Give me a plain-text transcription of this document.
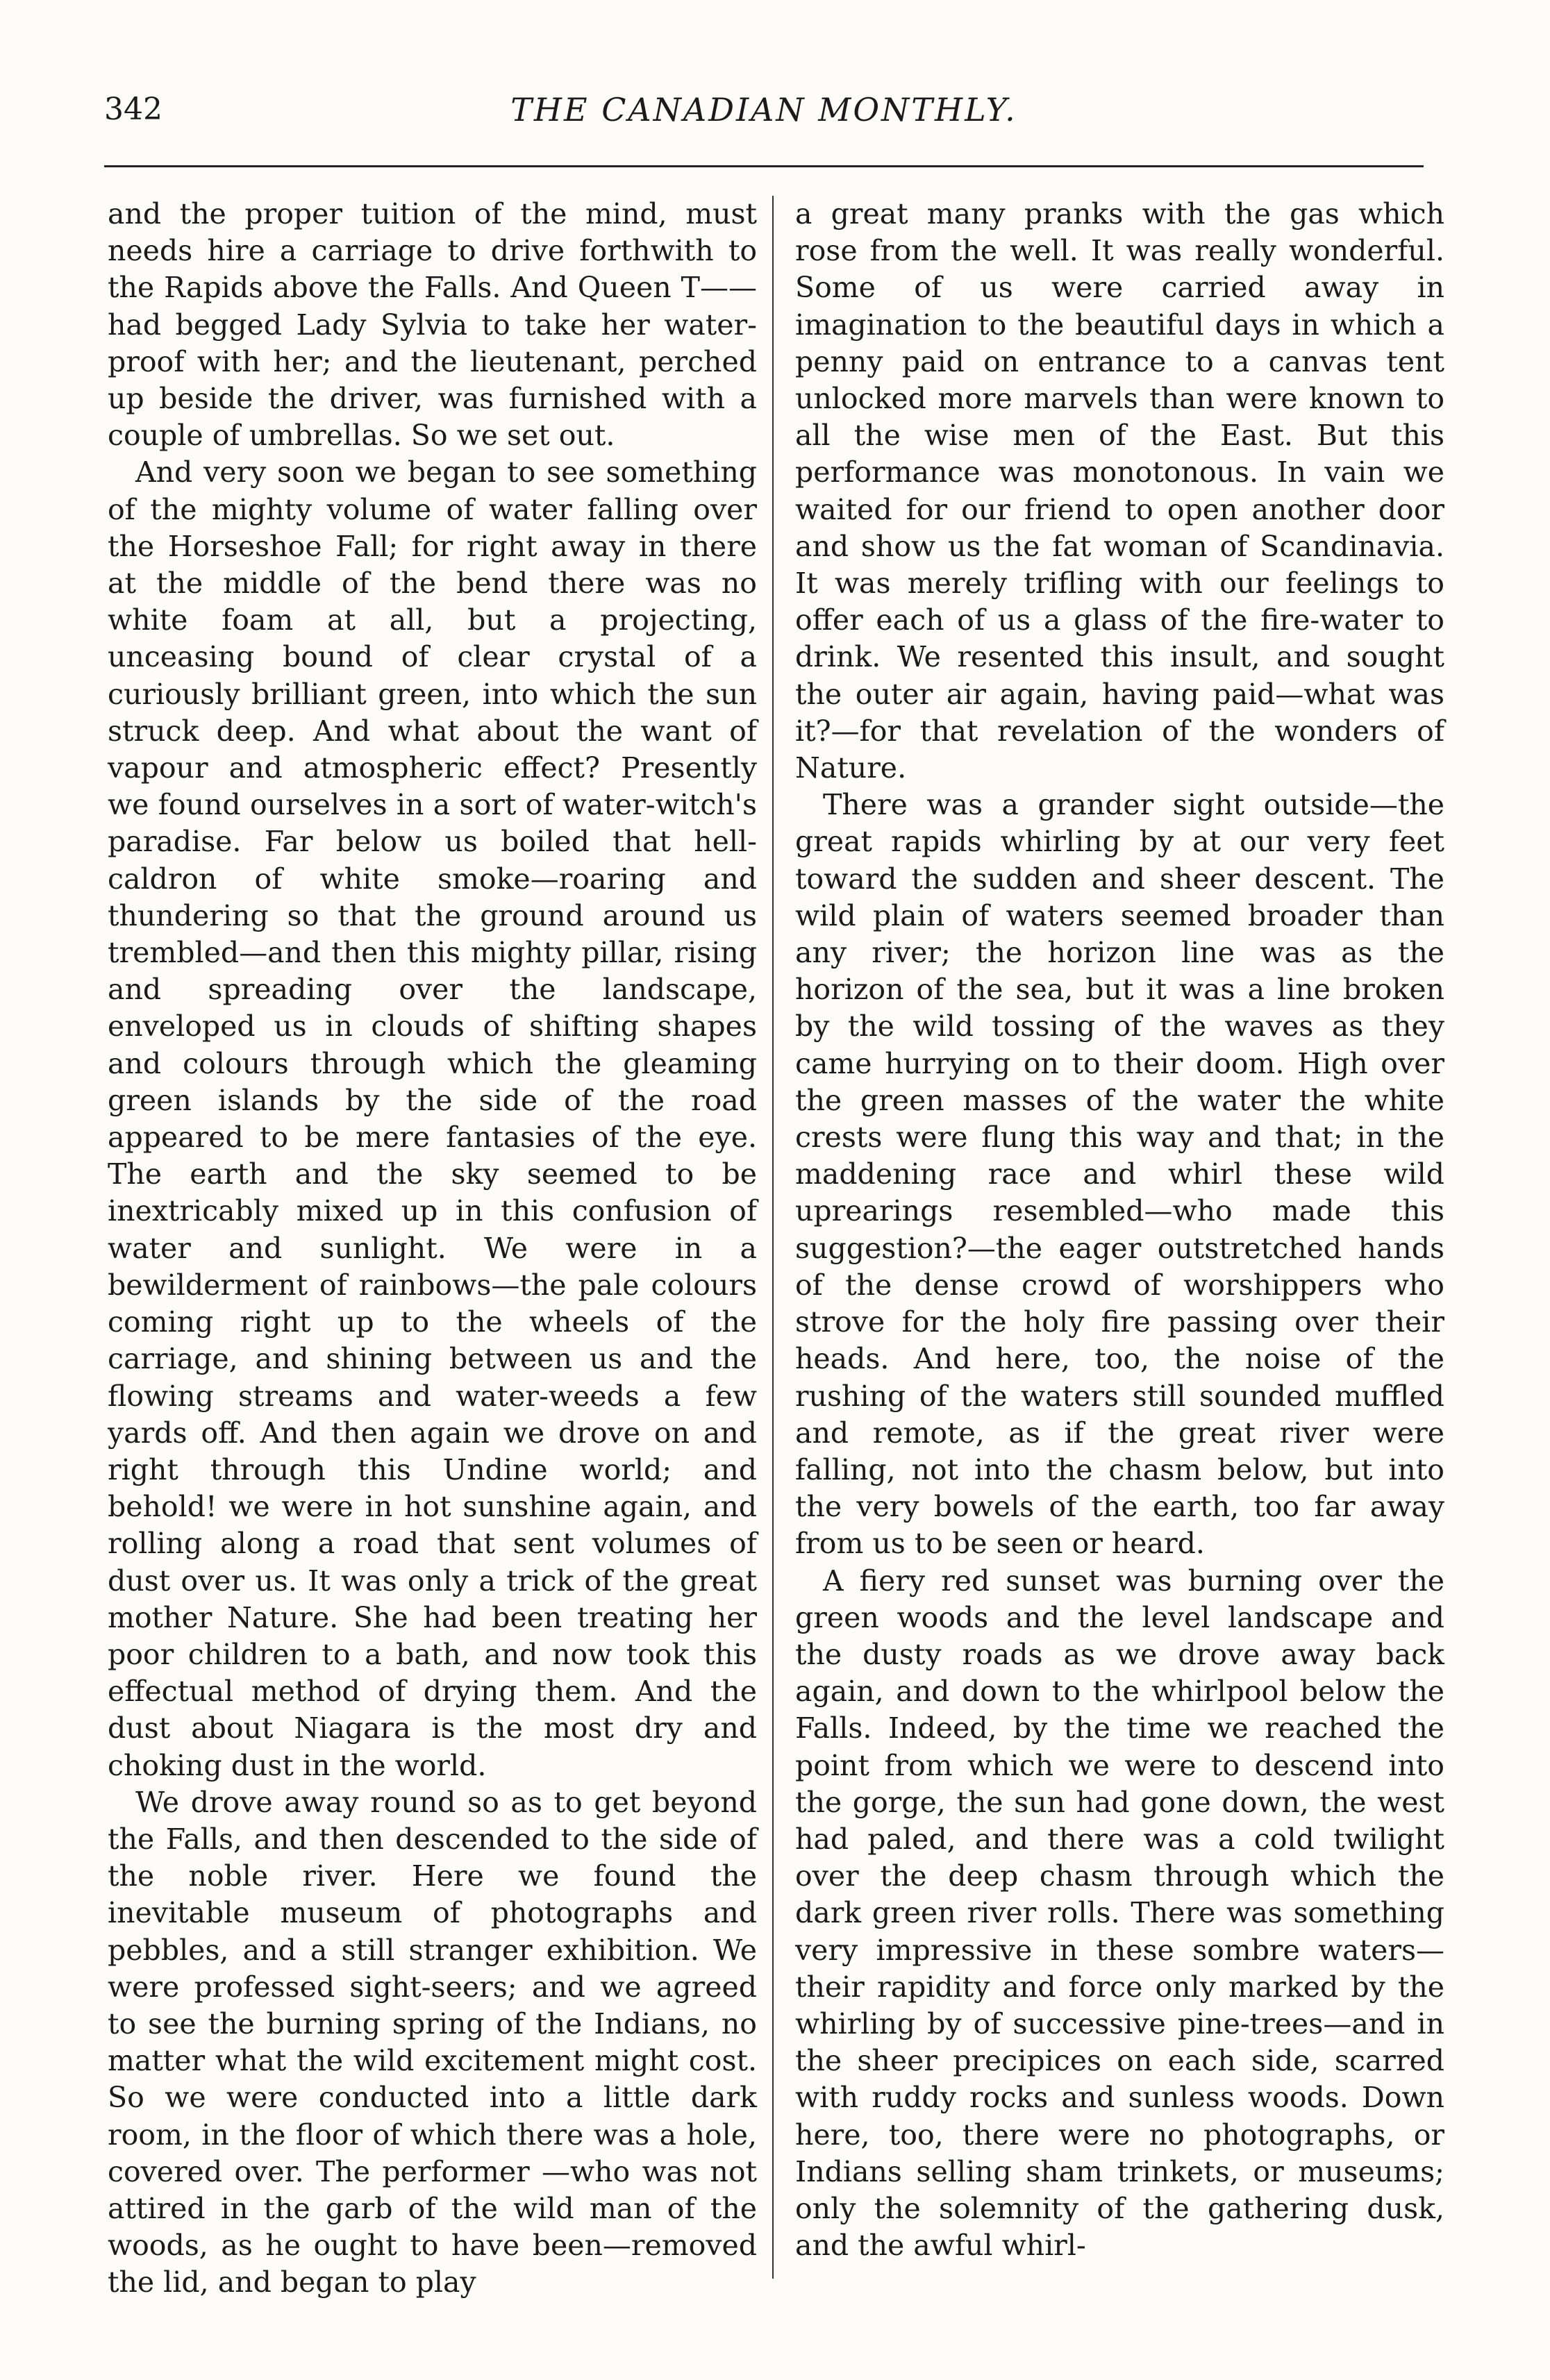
342	THE CANADIAN MONTHLY.

and the proper tuition of the mind, must needs hire a carriage to drive forthwith to the Rapids above the Falls. And Queen T——had begged Lady Sylvia to take her water-proof with her; and the lieutenant, perched up beside the driver, was furnished with a couple of umbrellas. So we set out.

And very soon we began to see something of the mighty volume of water falling over the Horseshoe Fall; for right away in there at the middle of the bend there was no white foam at all, but a projecting, unceasing bound of clear crystal of a curiously brilliant green, into which the sun struck deep. And what about the want of vapour and atmospheric effect? Presently we found ourselves in a sort of water-witch's paradise. Far below us boiled that hell-caldron of white smoke—roaring and thundering so that the ground around us trembled—and then this mighty pillar, rising and spreading over the landscape, enveloped us in clouds of shifting shapes and colours through which the gleaming green islands by the side of the road appeared to be mere fantasies of the eye. The earth and the sky seemed to be inextricably mixed up in this confusion of water and sunlight. We were in a bewilderment of rainbows—the pale colours coming right up to the wheels of the carriage, and shining between us and the flowing streams and water-weeds a few yards off. And then again we drove on and right through this Undine world; and behold! we were in hot sunshine again, and rolling along a road that sent volumes of dust over us. It was only a trick of the great mother Nature. She had been treating her poor children to a bath, and now took this effectual method of drying them. And the dust about Niagara is the most dry and choking dust in the world.

We drove away round so as to get beyond the Falls, and then descended to the side of the noble river. Here we found the inevitable museum of photographs and pebbles, and a still stranger exhibition. We were professed sight-seers; and we agreed to see the burning spring of the Indians, no matter what the wild excitement might cost. So we were conducted into a little dark room, in the floor of which there was a hole, covered over. The performer —who was not attired in the garb of the wild man of the woods, as he ought to have been—removed the lid, and began to play

a great many pranks with the gas which rose from the well. It was really wonderful. Some of us were carried away in imagination to the beautiful days in which a penny paid on entrance to a canvas tent unlocked more marvels than were known to all the wise men of the East. But this performance was monotonous. In vain we waited for our friend to open another door and show us the fat woman of Scandinavia. It was merely trifling with our feelings to offer each of us a glass of the fire-water to drink. We resented this insult, and sought the outer air again, having paid—what was it?—for that revelation of the wonders of Nature.

There was a grander sight outside—the great rapids whirling by at our very feet toward the sudden and sheer descent. The wild plain of waters seemed broader than any river; the horizon line was as the horizon of the sea, but it was a line broken by the wild tossing of the waves as they came hurrying on to their doom. High over the green masses of the water the white crests were flung this way and that; in the maddening race and whirl these wild uprearings resembled—who made this suggestion?—the eager outstretched hands of the dense crowd of worshippers who strove for the holy fire passing over their heads. And here, too, the noise of the rushing of the waters still sounded muffled and remote, as if the great river were falling, not into the chasm below, but into the very bowels of the earth, too far away from us to be seen or heard.

A fiery red sunset was burning over the green woods and the level landscape and the dusty roads as we drove away back again, and down to the whirlpool below the Falls. Indeed, by the time we reached the point from which we were to descend into the gorge, the sun had gone down, the west had paled, and there was a cold twilight over the deep chasm through which the dark green river rolls. There was something very impressive in these sombre waters—their rapidity and force only marked by the whirling by of successive pine-trees—and in the sheer precipices on each side, scarred with ruddy rocks and sunless woods. Down here, too, there were no photographs, or Indians selling sham trinkets, or museums; only the solemnity of the gathering dusk, and the awful whirl-
